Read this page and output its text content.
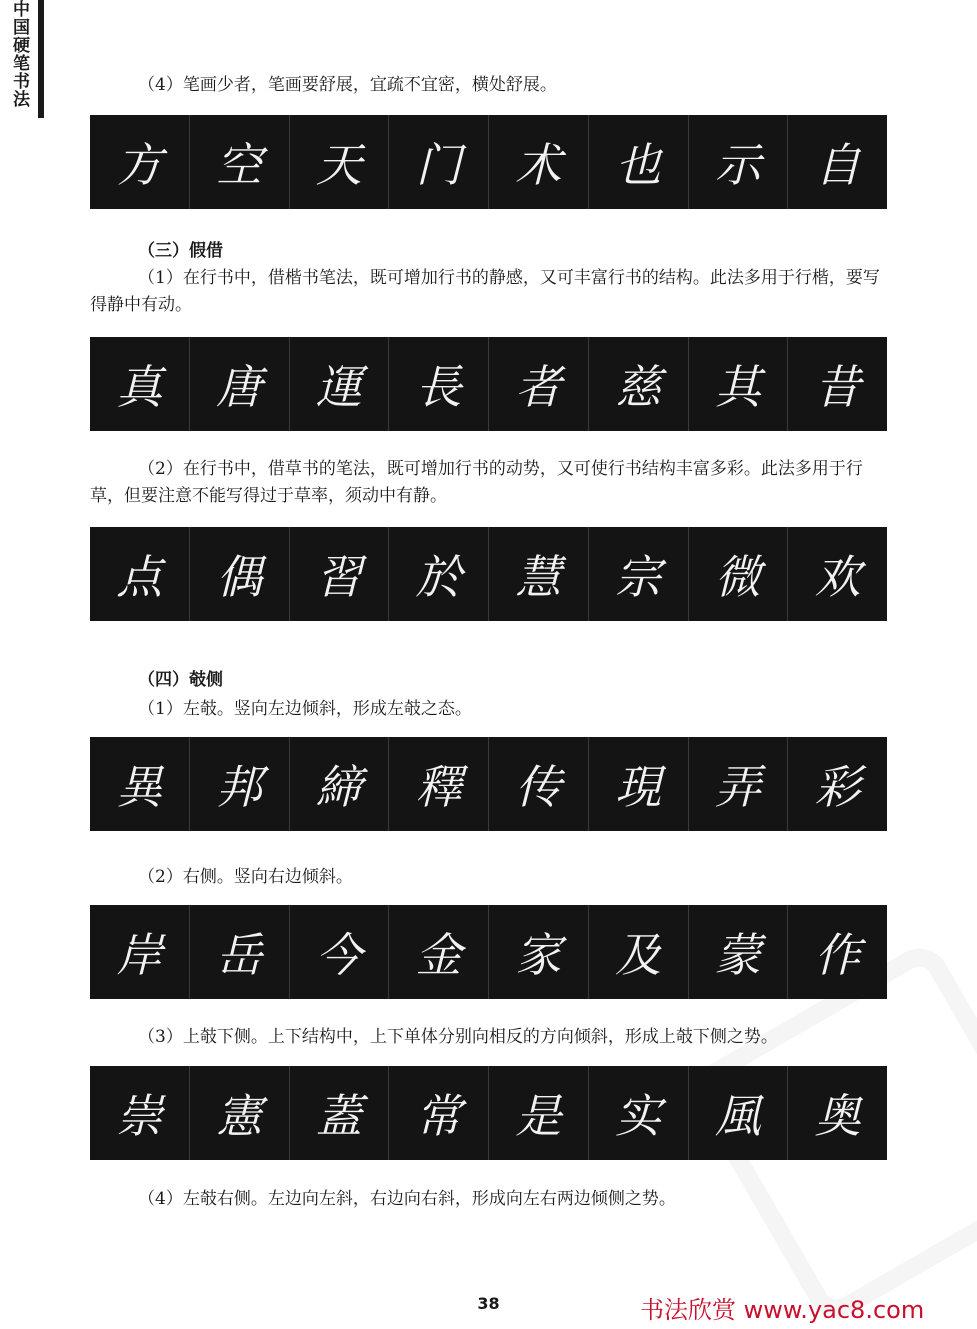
中国硬笔书法

（4）笔画少者，笔画要舒展，宜疏不宜密，横处舒展。

方	空	天	门	术	也	示	自

（三）假借

（1）在行书中，借楷书笔法，既可增加行书的静感，又可丰富行书的结构。此法多用于行楷，要写得静中有动。

真	唐	運	長	者	慈	其	昔

（2）在行书中，借草书的笔法，既可增加行书的动势，又可使行书结构丰富多彩。此法多用于行草，但要注意不能写得过于草率，须动中有静。

点	偶	習	於	慧	宗	微	欢

（四）攲侧

（1）左攲。竖向左边倾斜，形成左攲之态。

異	邦	締	釋	传	現	弄	彩

（2）右侧。竖向右边倾斜。

岸	岳	今	金	家	及	蒙	作

（3）上攲下侧。上下结构中，上下单体分别向相反的方向倾斜，形成上攲下侧之势。

崇	憲	蓋	常	是	实	風	奥

（4）左攲右侧。左边向左斜，右边向右斜，形成向左右两边倾侧之势。

38	书法欣赏 www.yac8.com
